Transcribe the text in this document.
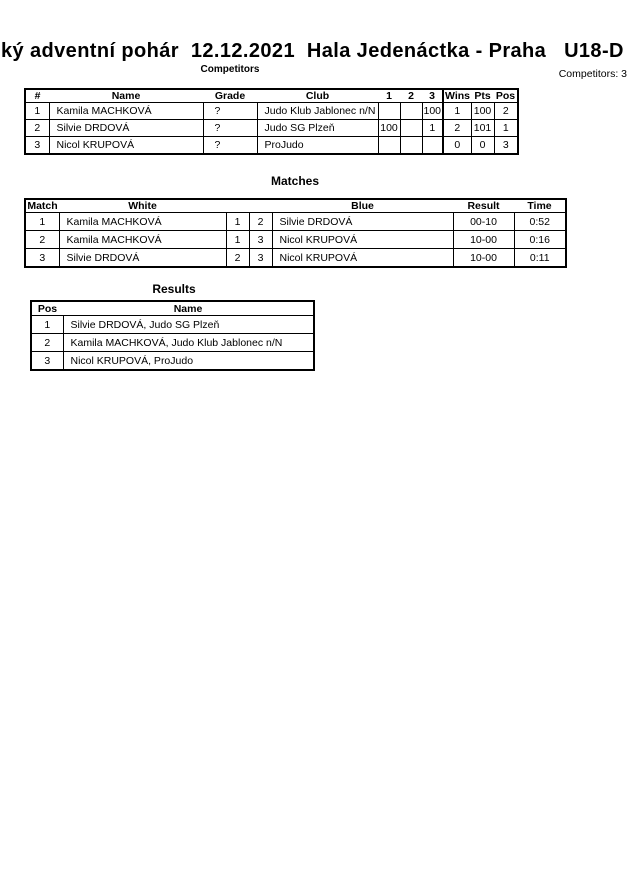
ký adventní pohár  12.12.2021  Hala Jedenáctka - Praha   U18-D
Competitors	Competitors: 3
#	Name	Grade	Club	1	2	3	Wins	Pts	Pos
1	Kamila MACHKOVÁ	?	Judo Klub Jablonec n/N			100	1	100	2
2	Silvie DRDOVÁ	?	Judo SG Plzeň	100		1	2	101	1
3	Nicol KRUPOVÁ	?	ProJudo				0	0	3
Matches
Match	White			Blue	Result	Time
1	Kamila MACHKOVÁ	1	2	Silvie DRDOVÁ	00-10	0:52
2	Kamila MACHKOVÁ	1	3	Nicol KRUPOVÁ	10-00	0:16
3	Silvie DRDOVÁ	2	3	Nicol KRUPOVÁ	10-00	0:11
Results
Pos	Name
1	Silvie DRDOVÁ, Judo SG Plzeň
2	Kamila MACHKOVÁ, Judo Klub Jablonec n/N
3	Nicol KRUPOVÁ, ProJudo
